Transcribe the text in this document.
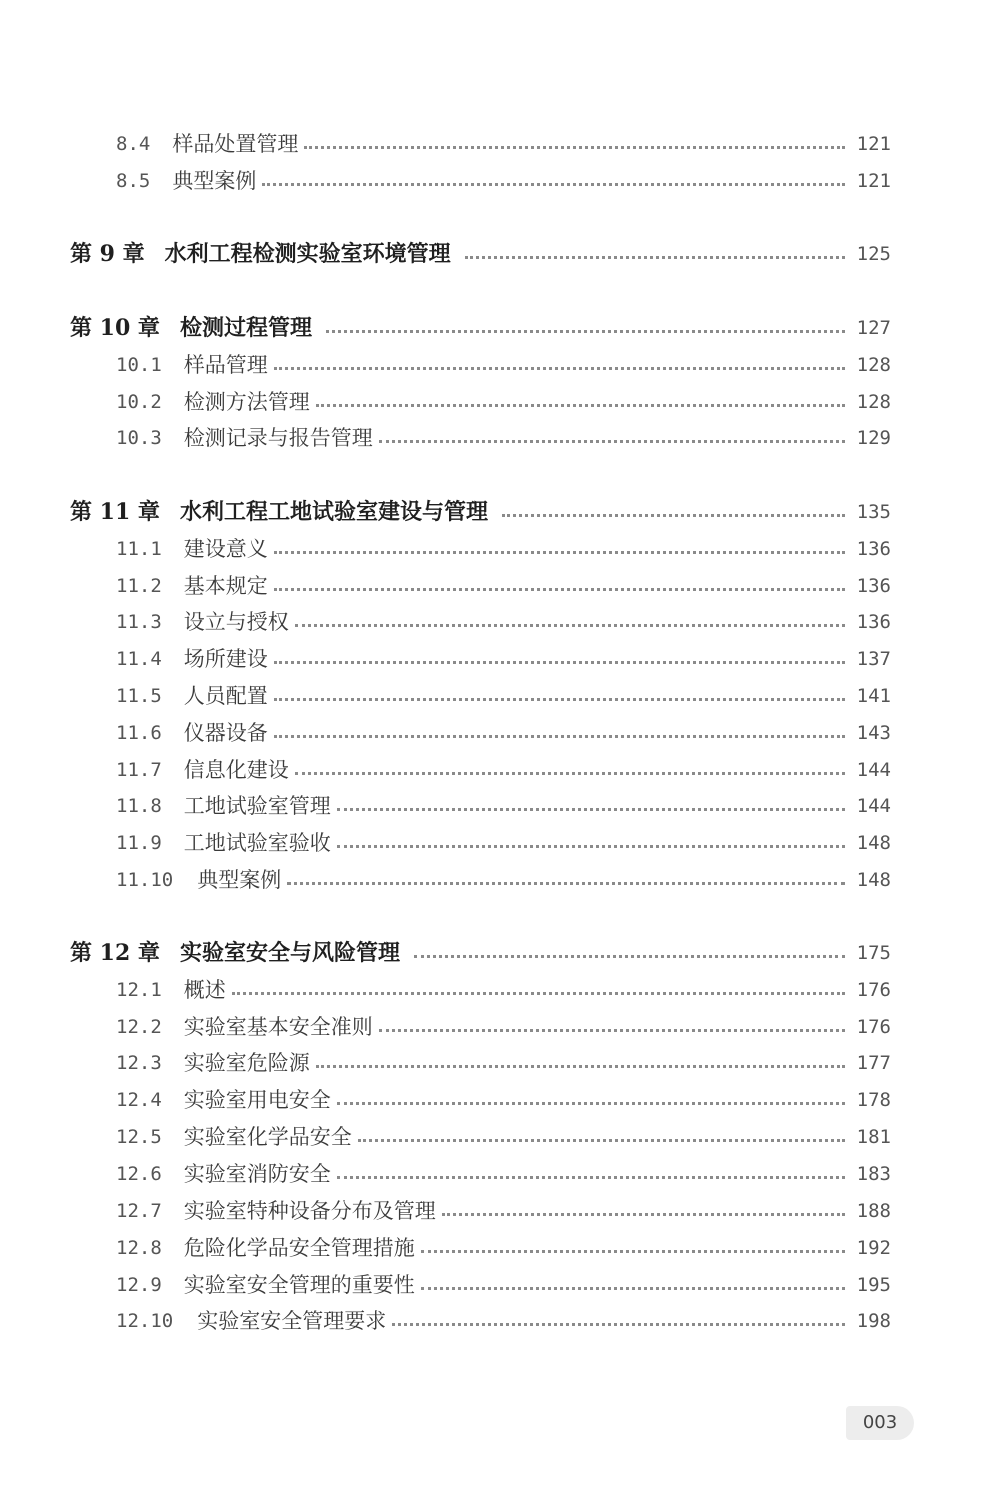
8.4 样品处置管理	121
8.5 典型案例	121
第 9 章 水利工程检测实验室环境管理	125
第 10 章 检测过程管理	127
10.1 样品管理	128
10.2 检测方法管理	128
10.3 检测记录与报告管理	129
第 11 章 水利工程工地试验室建设与管理	135
11.1 建设意义	136
11.2 基本规定	136
11.3 设立与授权	136
11.4 场所建设	137
11.5 人员配置	141
11.6 仪器设备	143
11.7 信息化建设	144
11.8 工地试验室管理	144
11.9 工地试验室验收	148
11.10 典型案例	148
第 12 章 实验室安全与风险管理	175
12.1 概述	176
12.2 实验室基本安全准则	176
12.3 实验室危险源	177
12.4 实验室用电安全	178
12.5 实验室化学品安全	181
12.6 实验室消防安全	183
12.7 实验室特种设备分布及管理	188
12.8 危险化学品安全管理措施	192
12.9 实验室安全管理的重要性	195
12.10 实验室安全管理要求	198
003
